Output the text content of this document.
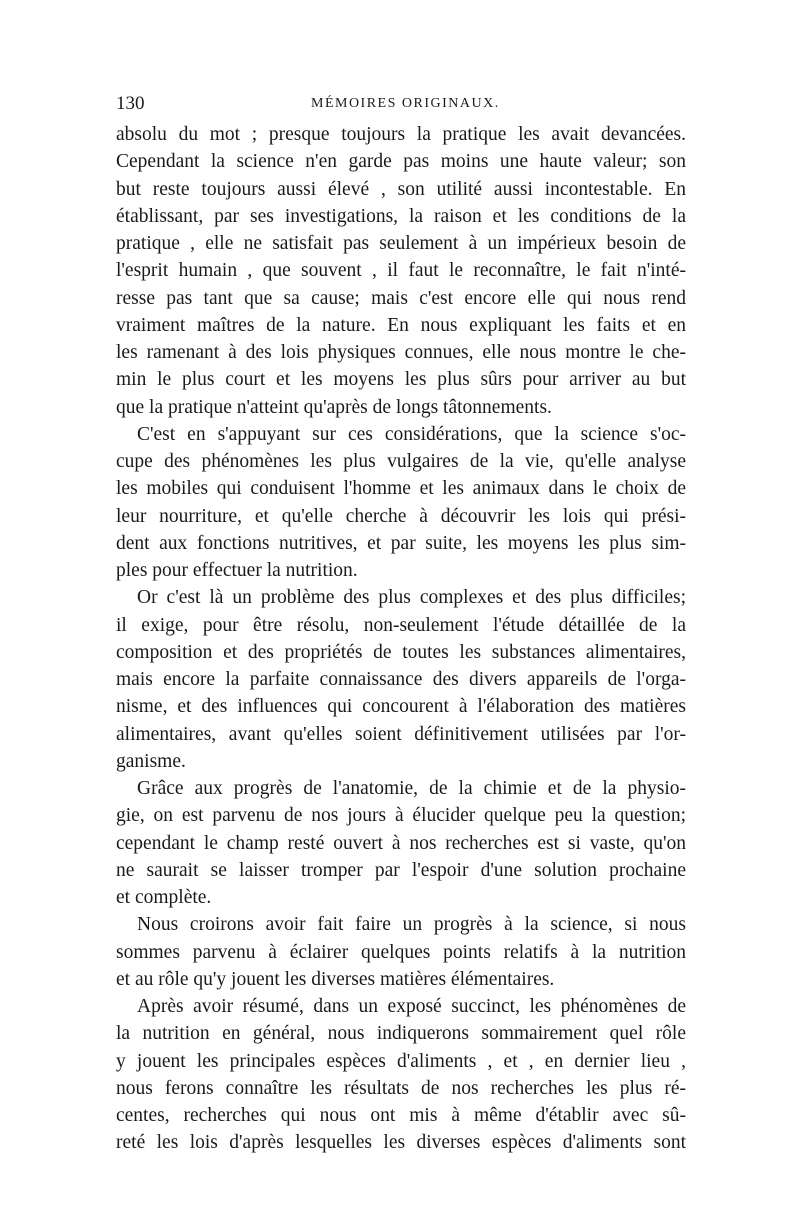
130	MÉMOIRES ORIGINAUX.
absolu du mot ; presque toujours la pratique les avait devancées.
Cependant la science n'en garde pas moins une haute valeur; son
but reste toujours aussi élevé , son utilité aussi incontestable. En
établissant, par ses investigations, la raison et les conditions de la
pratique , elle ne satisfait pas seulement à un impérieux besoin de
l'esprit humain , que souvent , il faut le reconnaître, le fait n'inté-
resse pas tant que sa cause; mais c'est encore elle qui nous rend
vraiment maîtres de la nature. En nous expliquant les faits et en
les ramenant à des lois physiques connues, elle nous montre le che-
min le plus court et les moyens les plus sûrs pour arriver au but
que la pratique n'atteint qu'après de longs tâtonnements.
C'est en s'appuyant sur ces considérations, que la science s'oc-
cupe des phénomènes les plus vulgaires de la vie, qu'elle analyse
les mobiles qui conduisent l'homme et les animaux dans le choix de
leur nourriture, et qu'elle cherche à découvrir les lois qui prési-
dent aux fonctions nutritives, et par suite, les moyens les plus sim-
ples pour effectuer la nutrition.
Or c'est là un problème des plus complexes et des plus difficiles;
il exige, pour être résolu, non-seulement l'étude détaillée de la
composition et des propriétés de toutes les substances alimentaires,
mais encore la parfaite connaissance des divers appareils de l'orga-
nisme, et des influences qui concourent à l'élaboration des matières
alimentaires, avant qu'elles soient définitivement utilisées par l'or-
ganisme.
Grâce aux progrès de l'anatomie, de la chimie et de la physio-
gie, on est parvenu de nos jours à élucider quelque peu la question;
cependant le champ resté ouvert à nos recherches est si vaste, qu'on
ne saurait se laisser tromper par l'espoir d'une solution prochaine
et complète.
Nous croirons avoir fait faire un progrès à la science, si nous
sommes parvenu à éclairer quelques points relatifs à la nutrition
et au rôle qu'y jouent les diverses matières élémentaires.
Après avoir résumé, dans un exposé succinct, les phénomènes de
la nutrition en général, nous indiquerons sommairement quel rôle
y jouent les principales espèces d'aliments , et , en dernier lieu ,
nous ferons connaître les résultats de nos recherches les plus ré-
centes, recherches qui nous ont mis à même d'établir avec sû-
reté les lois d'après lesquelles les diverses espèces d'aliments sont
